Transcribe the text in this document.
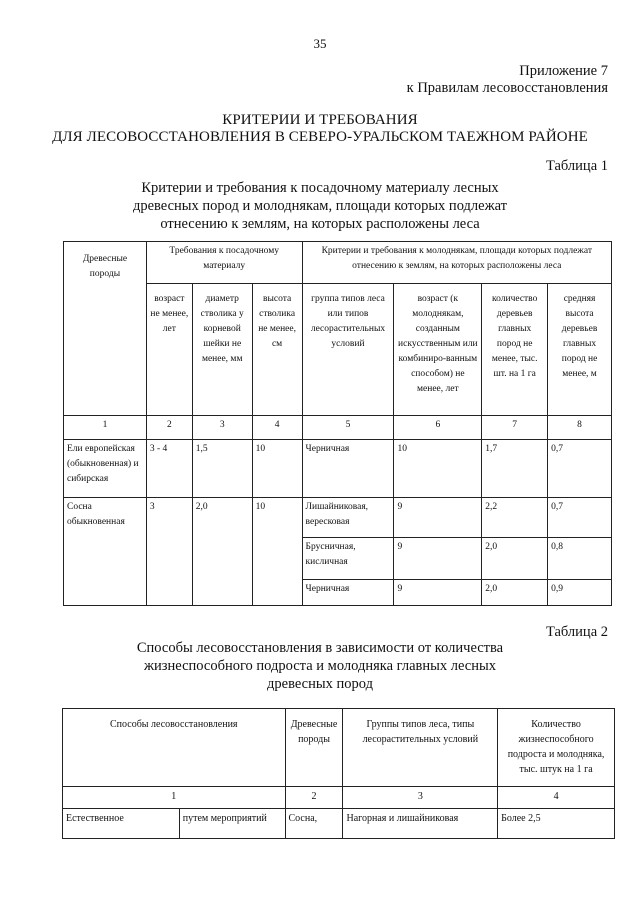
35
Приложение 7
к Правилам лесовосстановления
КРИТЕРИИ И ТРЕБОВАНИЯ
ДЛЯ ЛЕСОВОССТАНОВЛЕНИЯ В СЕВЕРО-УРАЛЬСКОМ ТАЕЖНОМ РАЙОНЕ
Таблица 1
Критерии и требования к посадочному материалу лесных
древесных пород и молоднякам, площади которых подлежат
отнесению к землям, на которых расположены леса
Древесные породы	Требования к посадочному материалу			Критерии и требования к молоднякам, площади которых подлежат отнесению к землям, на которых расположены леса			
	возраст не менее, лет	диаметр стволика у корневой шейки не менее, мм	высота стволика не менее, см	группа типов леса или типов лесорастительных условий	возраст (к молоднякам, созданным искусственным или комбиниро-ванным способом) не менее, лет	количество деревьев главных пород не менее, тыс. шт. на 1 га	средняя высота деревьев главных пород не менее, м
1	2	3	4	5	6	7	8
Ели европейская (обыкновенная) и сибирская	3 - 4	1,5	10	Черничная	10	1,7	0,7
Сосна обыкновенная	3	2,0	10	Лишайниковая, вересковая	9	2,2	0,7
				Брусничная, кисличная	9	2,0	0,8
				Черничная	9	2,0	0,9
Таблица 2
Способы лесовосстановления в зависимости от количества
жизнеспособного подроста и молодняка главных лесных
древесных пород
Способы лесовосстановления		Древесные породы	Группы типов леса, типы лесорастительных условий	Количество жизнеспособного подроста и молодняка, тыс. штук на 1 га
1		2	3	4
Естественное	путем мероприятий	Сосна,	Нагорная и лишайниковая	Более 2,5
